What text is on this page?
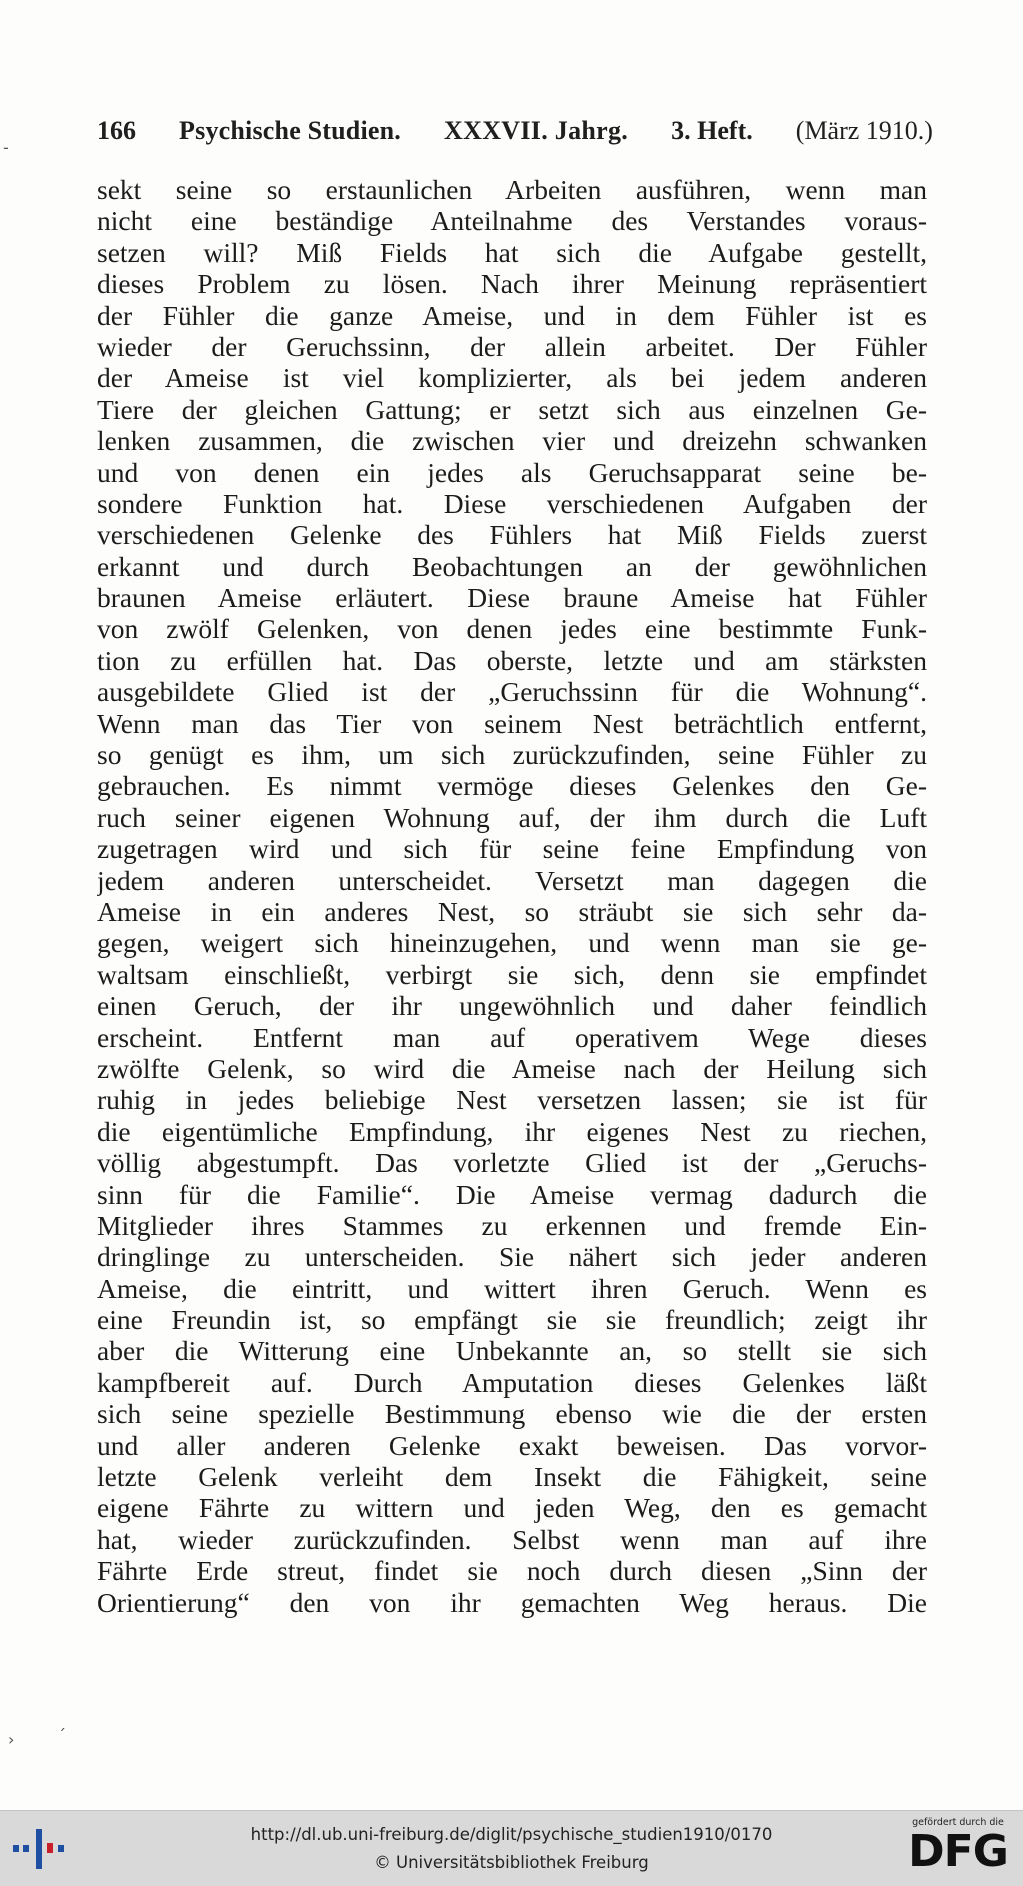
-
166 Psychische Studien. XXXVII. Jahrg. 3. Heft. (März 1910.)
sekt seine so erstaunlichen Arbeiten ausführen, wenn man
nicht eine beständige Anteilnahme des Verstandes voraus-
setzen will? Miß Fields hat sich die Aufgabe gestellt,
dieses Problem zu lösen. Nach ihrer Meinung repräsentiert
der Fühler die ganze Ameise, und in dem Fühler ist es
wieder der Geruchssinn, der allein arbeitet. Der Fühler
der Ameise ist viel komplizierter, als bei jedem anderen
Tiere der gleichen Gattung; er setzt sich aus einzelnen Ge-
lenken zusammen, die zwischen vier und dreizehn schwanken
und von denen ein jedes als Geruchsapparat seine be-
sondere Funktion hat. Diese verschiedenen Aufgaben der
verschiedenen Gelenke des Fühlers hat Miß Fields zuerst
erkannt und durch Beobachtungen an der gewöhnlichen
braunen Ameise erläutert. Diese braune Ameise hat Fühler
von zwölf Gelenken, von denen jedes eine bestimmte Funk-
tion zu erfüllen hat. Das oberste, letzte und am stärksten
ausgebildete Glied ist der „Geruchssinn für die Wohnung“.
Wenn man das Tier von seinem Nest beträchtlich entfernt,
so genügt es ihm, um sich zurückzufinden, seine Fühler zu
gebrauchen. Es nimmt vermöge dieses Gelenkes den Ge-
ruch seiner eigenen Wohnung auf, der ihm durch die Luft
zugetragen wird und sich für seine feine Empfindung von
jedem anderen unterscheidet. Versetzt man dagegen die
Ameise in ein anderes Nest, so sträubt sie sich sehr da-
gegen, weigert sich hineinzugehen, und wenn man sie ge-
waltsam einschließt, verbirgt sie sich, denn sie empfindet
einen Geruch, der ihr ungewöhnlich und daher feindlich
erscheint. Entfernt man auf operativem Wege dieses
zwölfte Gelenk, so wird die Ameise nach der Heilung sich
ruhig in jedes beliebige Nest versetzen lassen; sie ist für
die eigentümliche Empfindung, ihr eigenes Nest zu riechen,
völlig abgestumpft. Das vorletzte Glied ist der „Geruchs-
sinn für die Familie“. Die Ameise vermag dadurch die
Mitglieder ihres Stammes zu erkennen und fremde Ein-
dringlinge zu unterscheiden. Sie nähert sich jeder anderen
Ameise, die eintritt, und wittert ihren Geruch. Wenn es
eine Freundin ist, so empfängt sie sie freundlich; zeigt ihr
aber die Witterung eine Unbekannte an, so stellt sie sich
kampfbereit auf. Durch Amputation dieses Gelenkes läßt
sich seine spezielle Bestimmung ebenso wie die der ersten
und aller anderen Gelenke exakt beweisen. Das vorvor-
letzte Gelenk verleiht dem Insekt die Fähigkeit, seine
eigene Fährte zu wittern und jeden Weg, den es gemacht
hat, wieder zurückzufinden. Selbst wenn man auf ihre
Fährte Erde streut, findet sie noch durch diesen „Sinn der
Orientierung“ den von ihr gemachten Weg heraus. Die
›	´
http://dl.ub.uni-freiburg.de/diglit/psychische_studien1910/0170
© Universitätsbibliothek Freiburg
gefördert durch die
DFG
